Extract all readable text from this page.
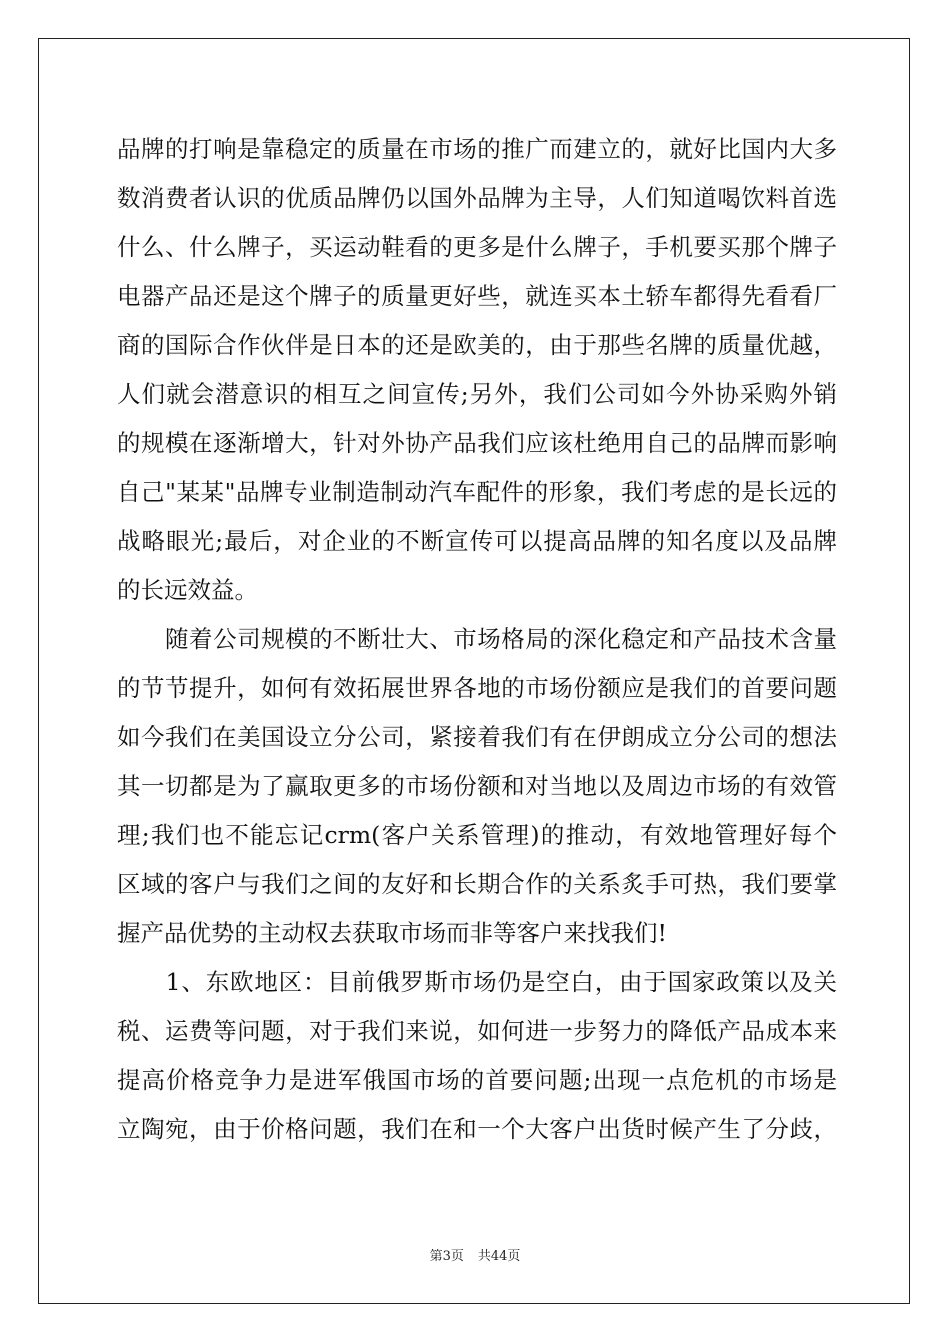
品牌的打响是靠稳定的质量在市场的推广而建立的，就好比国内大多
数消费者认识的优质品牌仍以国外品牌为主导，人们知道喝饮料首选
什么、什么牌子，买运动鞋看的更多是什么牌子，手机要买那个牌子
电器产品还是这个牌子的质量更好些，就连买本土轿车都得先看看厂
商的国际合作伙伴是日本的还是欧美的，由于那些名牌的质量优越，
人们就会潜意识的相互之间宣传;另外，我们公司如今外协采购外销
的规模在逐渐增大，针对外协产品我们应该杜绝用自己的品牌而影响
自己"某某"品牌专业制造制动汽车配件的形象，我们考虑的是长远的
战略眼光;最后，对企业的不断宣传可以提高品牌的知名度以及品牌
的长远效益。
　　随着公司规模的不断壮大、市场格局的深化稳定和产品技术含量
的节节提升，如何有效拓展世界各地的市场份额应是我们的首要问题
如今我们在美国设立分公司，紧接着我们有在伊朗成立分公司的想法
其一切都是为了赢取更多的市场份额和对当地以及周边市场的有效管
理;我们也不能忘记crm(客户关系管理)的推动，有效地管理好每个
区域的客户与我们之间的友好和长期合作的关系炙手可热，我们要掌
握产品优势的主动权去获取市场而非等客户来找我们!
　　1、东欧地区：目前俄罗斯市场仍是空白，由于国家政策以及关
税、运费等问题，对于我们来说，如何进一步努力的降低产品成本来
提高价格竞争力是进军俄国市场的首要问题;出现一点危机的市场是
立陶宛，由于价格问题，我们在和一个大客户出货时候产生了分歧，
第3页 共44页
